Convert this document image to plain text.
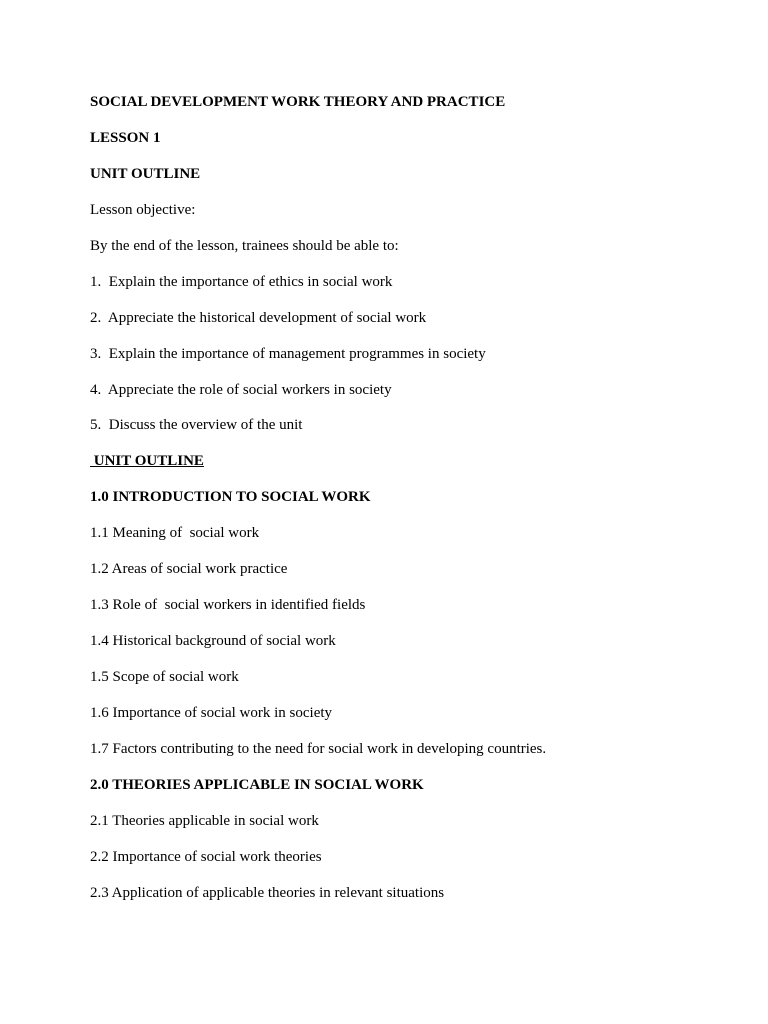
SOCIAL DEVELOPMENT WORK THEORY AND PRACTICE
LESSON 1
UNIT OUTLINE
Lesson objective:
By the end of the lesson, trainees should be able to:
1.  Explain the importance of ethics in social work
2.  Appreciate the historical development of social work
3.  Explain the importance of management programmes in society
4.  Appreciate the role of social workers in society
5.  Discuss the overview of the unit
UNIT OUTLINE
1.0 INTRODUCTION TO SOCIAL WORK
1.1 Meaning of  social work
1.2 Areas of social work practice
1.3 Role of  social workers in identified fields
1.4 Historical background of social work
1.5 Scope of social work
1.6 Importance of social work in society
1.7 Factors contributing to the need for social work in developing countries.
2.0 THEORIES APPLICABLE IN SOCIAL WORK
2.1 Theories applicable in social work
2.2 Importance of social work theories
2.3 Application of applicable theories in relevant situations
